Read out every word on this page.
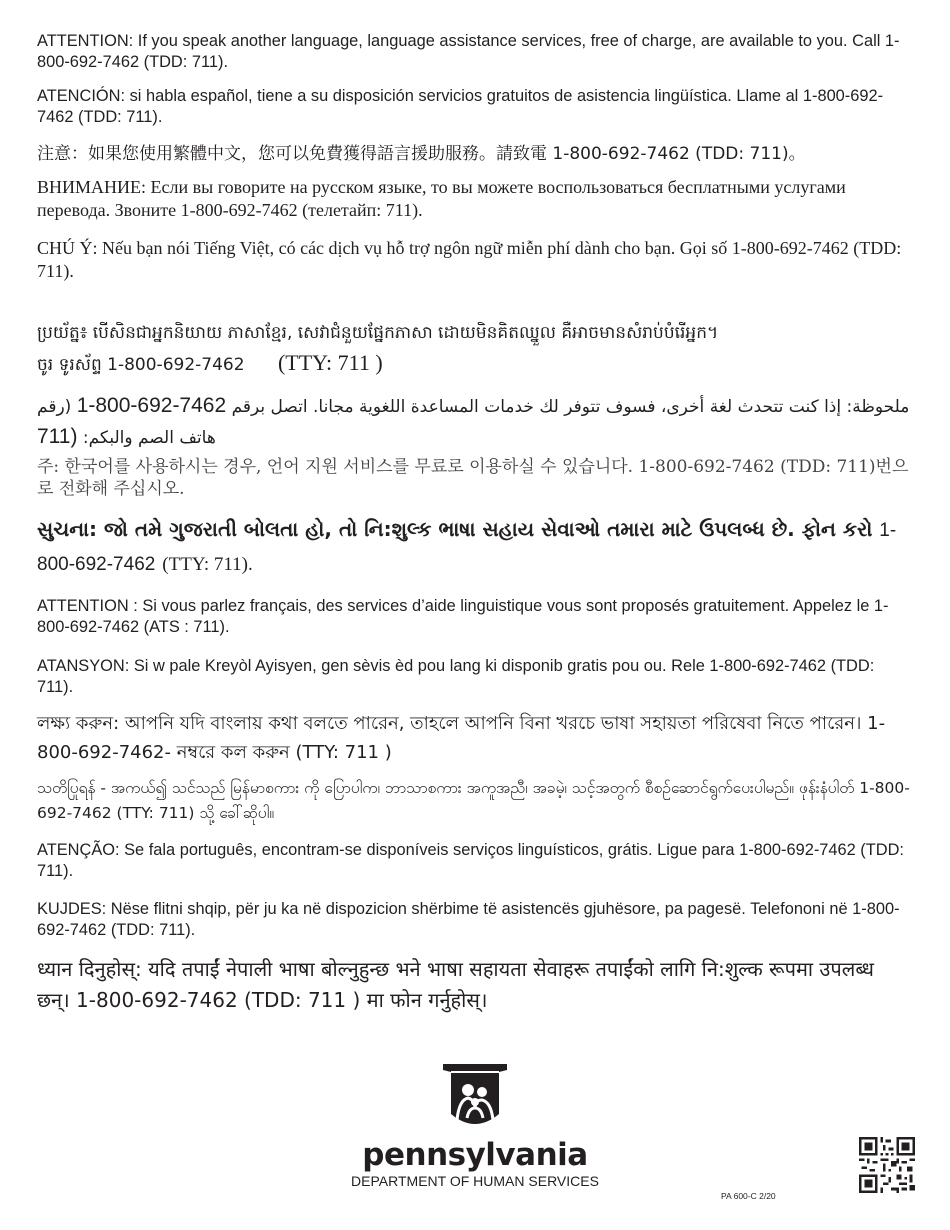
ATTENTION: If you speak another language, language assistance services, free of charge, are available to you. Call 1-800-692-7462 (TDD: 711).

ATENCIÓN: si habla español, tiene a su disposición servicios gratuitos de asistencia lingüística. Llame al 1-800-692-7462 (TDD: 711).

注意：如果您使用繁體中文，您可以免費獲得語言援助服務。請致電 1-800-692-7462 (TDD: 711)。

ВНИМАНИЕ: Если вы говорите на русском языке, то вы можете воспользоваться бесплатными услугами перевода. Звоните 1-800-692-7462 (телетайп: 711).

CHÚ Ý: Nếu bạn nói Tiếng Việt, có các dịch vụ hỗ trợ ngôn ngữ miễn phí dành cho bạn. Gọi số 1-800-692-7462 (TDD: 711).

ប្រយ័ត្ន៖ បើសិនជាអ្នកនិយាយ ភាសាខ្មែរ, សេវាជំនួយផ្នែកភាសា ដោយមិនគិតឈ្នួល គឺអាចមានសំរាប់បំរើអ្នក។
ចូរ ទូរស័ព្ទ 1-800-692-7462 (TTY: 711 )
ملحوظة: إذا كنت تتحدث لغة أخرى، فسوف تتوفر لك خدمات المساعدة اللغوية مجانا. اتصل برقم 1-800-692-7462 (رقم هاتف الصم والبكم: 711)

주: 한국어를 사용하시는 경우, 언어 지원 서비스를 무료로 이용하실 수 있습니다. 1-800-692-7462 (TDD: 711)번으로 전화해 주십시오.

સુચના: જો તમે ગુજરાતી બોલતા હો, તો નિ:શુલ્ક ભાષા સહાય સેવાઓ તમારા માટે ઉપલબ્ધ છે. ફોન કરો 1-800-692-7462 (TTY: 711).

ATTENTION : Si vous parlez français, des services d’aide linguistique vous sont proposés gratuitement. Appelez le 1-800-692-7462 (ATS : 711).

ATANSYON: Si w pale Kreyòl Ayisyen, gen sèvis èd pou lang ki disponib gratis pou ou. Rele 1-800-692-7462 (TDD: 711).

লক্ষ্য করুন: আপনি যদি বাংলায় কথা বলতে পারেন, তাহলে আপনি বিনা খরচে ভাষা সহায়তা পরিষেবা নিতে পারেন। 1-800-692-7462- নম্বরে কল করুন (TTY: 711 )

သတိပြုရန် - အကယ်၍ သင်သည် မြန်မာစကား ကို ပြောပါက၊ ဘာသာစကား အကူအညီ၊ အခမဲ့၊ သင့်အတွက် စီစဉ်ဆောင်ရွက်ပေးပါမည်။ ဖုန်းနံပါတ် 1-800-692-7462 (TTY: 711) သို့ ခေါ်ဆိုပါ။

ATENÇÃO: Se fala português, encontram-se disponíveis serviços linguísticos, grátis. Ligue para 1-800-692-7462 (TDD: 711).

KUJDES: Nëse flitni shqip, për ju ka në dispozicion shërbime të asistencës gjuhësore, pa pagesë. Telefononi në 1-800-692-7462 (TDD: 711).

ध्यान दिनुहोस्: यदि तपाईं नेपाली भाषा बोल्नुहुन्छ भने भाषा सहायता सेवाहरू तपाईंको लागि नि:शुल्क रूपमा उपलब्ध छन्। 1-800-692-7462 (TDD: 711 ) मा फोन गर्नुहोस्।

pennsylvania
DEPARTMENT OF HUMAN SERVICES
PA 600-C 2/20
